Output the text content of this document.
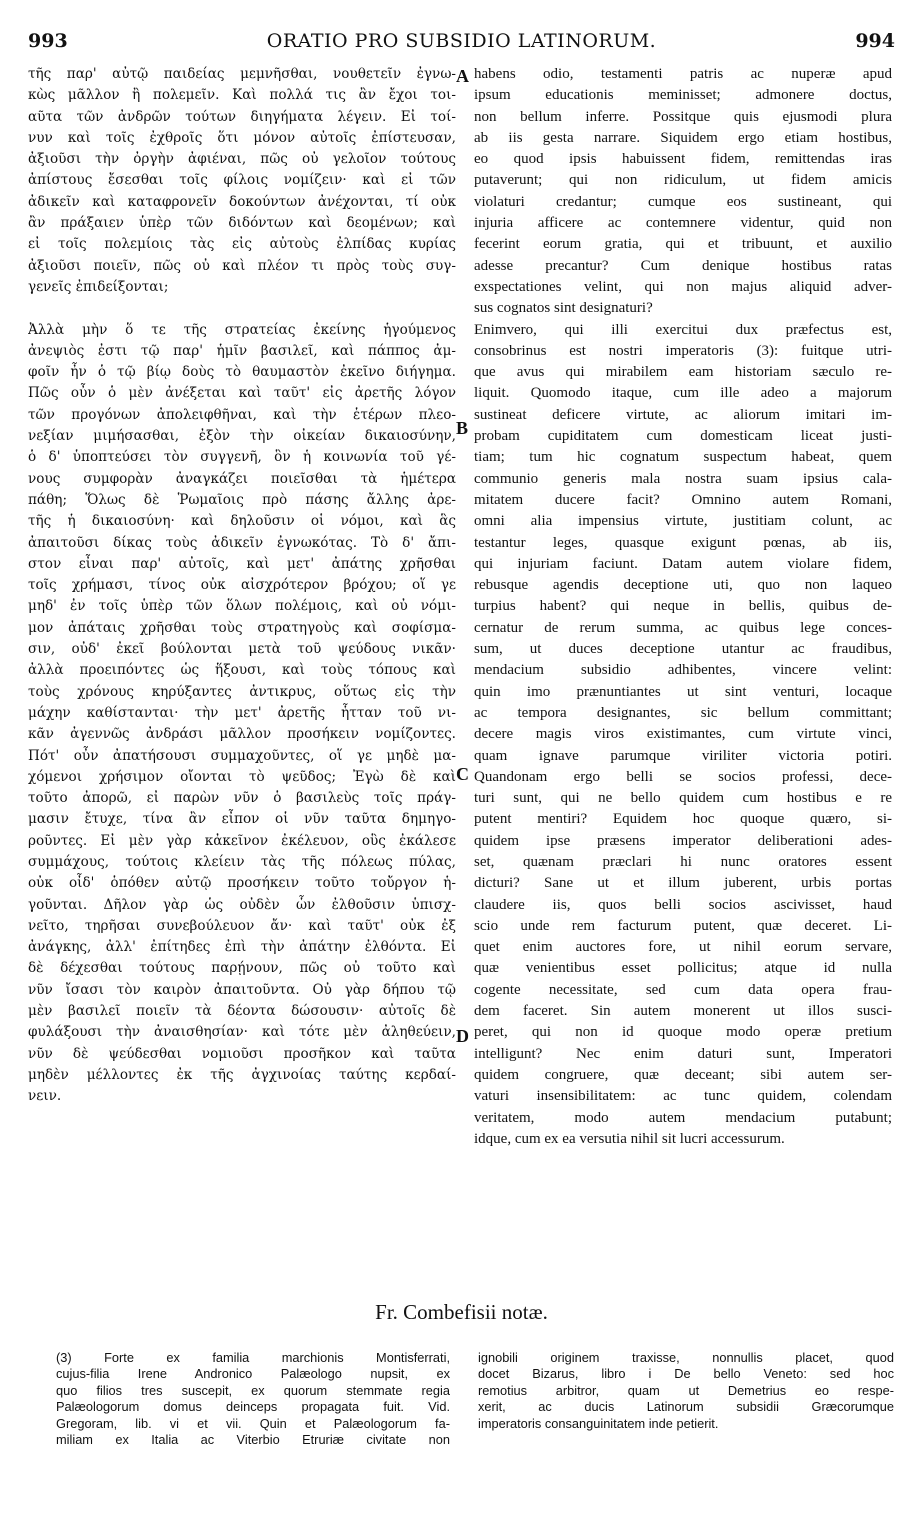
993	ORATIO PRO SUBSIDIO LATINORUM.	994
A
B
C
D
τῆς παρ' αὐτῷ παιδείας μεμνῆσθαι, νουθετεῖν ἐγνω-
κὼς μᾶλλον ἢ πολεμεῖν. Καὶ πολλά τις ἂν ἔχοι τοι-
αῦτα τῶν ἀνδρῶν τούτων διηγήματα λέγειν. Εἰ τοί-
νυν καὶ τοῖς ἐχθροῖς ὅτι μόνον αὐτοῖς ἐπίστευσαν,
ἀξιοῦσι τὴν ὀργὴν ἀφιέναι, πῶς οὐ γελοῖον τούτους
ἀπίστους ἔσεσθαι τοῖς φίλοις νομίζειν· καὶ εἰ τῶν
ἀδικεῖν καὶ καταφρονεῖν δοκούντων ἀνέχονται, τί οὐκ
ἂν πράξαιεν ὑπὲρ τῶν διδόντων καὶ δεομένων; καὶ
εἰ τοῖς πολεμίοις τὰς εἰς αὐτοὺς ἐλπίδας κυρίας
ἀξιοῦσι ποιεῖν, πῶς οὐ καὶ πλέον τι πρὸς τοὺς συγ-
γενεῖς ἐπιδείξονται;
Ἀλλὰ μὴν ὅ τε τῆς στρατείας ἐκείνης ἡγούμενος
ἀνεψιὸς ἐστι τῷ παρ' ἡμῖν βασιλεῖ, καὶ πάππος ἀμ-
φοῖν ἦν ὁ τῷ βίῳ δοὺς τὸ θαυμαστὸν ἐκεῖνο διήγημα.
Πῶς οὖν ὁ μὲν ἀνέξεται καὶ ταῦτ' εἰς ἀρετῆς λόγον
τῶν προγόνων ἀπολειφθῆναι, καὶ τὴν ἑτέρων πλεο-
νεξίαν μιμήσασθαι, ἐξὸν τὴν οἰκείαν δικαιοσύνην,
ὁ δ' ὑποπτεύσει τὸν συγγενῆ, ὃν ἡ κοινωνία τοῦ γέ-
νους συμφορὰν ἀναγκάζει ποιεῖσθαι τὰ ἡμέτερα
πάθη; Ὅλως δὲ Ῥωμαῖοις πρὸ πάσης ἄλλης ἀρε-
τῆς ἡ δικαιοσύνη· καὶ δηλοῦσιν οἱ νόμοι, καὶ ἃς
ἀπαιτοῦσι δίκας τοὺς ἀδικεῖν ἐγνωκότας. Τὸ δ' ἄπι-
στον εἶναι παρ' αὐτοῖς, καὶ μετ' ἀπάτης χρῆσθαι
τοῖς χρήμασι, τίνος οὐκ αἰσχρότερον βρόχου; οἵ γε
μηδ' ἐν τοῖς ὑπὲρ τῶν ὅλων πολέμοις, καὶ οὐ νόμι-
μον ἀπάταις χρῆσθαι τοὺς στρατηγοὺς καὶ σοφίσμα-
σιν, οὐδ' ἐκεῖ βούλονται μετὰ τοῦ ψεύδους νικᾶν·
ἀλλὰ προειπόντες ὡς ἥξουσι, καὶ τοὺς τόπους καὶ
τοὺς χρόνους κηρύξαντες ἀντικρυς, οὕτως εἰς τὴν
μάχην καθίστανται· τὴν μετ' ἀρετῆς ἧτταν τοῦ νι-
κᾶν ἀγεννῶς ἀνδράσι μᾶλλον προσήκειν νομίζοντες.
Πότ' οὖν ἀπατήσουσι συμμαχοῦντες, οἵ γε μηδὲ μα-
χόμενοι χρήσιμον οἴονται τὸ ψεῦδος; Ἐγὼ δὲ καὶ
τοῦτο ἀπορῶ, εἰ παρὼν νῦν ὁ βασιλεὺς τοῖς πράγ-
μασιν ἔτυχε, τίνα ἂν εἶπον οἱ νῦν ταῦτα δημηγο-
ροῦντες. Εἰ μὲν γὰρ κἀκεῖνον ἐκέλευον, οὓς ἐκάλεσε
συμμάχους, τούτοις κλείειν τὰς τῆς πόλεως πύλας,
οὐκ οἶδ' ὁπόθεν αὐτῷ προσήκειν τοῦτο τοὔργον ἡ-
γοῦνται. Δῆλον γὰρ ὡς οὐδὲν ὧν ἐλθοῦσιν ὑπισχ-
νεῖτο, τηρῆσαι συνεβούλευον ἄν· καὶ ταῦτ' οὐκ ἐξ
ἀνάγκης, ἀλλ' ἐπίτηδες ἐπὶ τὴν ἀπάτην ἐλθόντα. Εἰ
δὲ δέχεσθαι τούτους παρῄνουν, πῶς οὐ τοῦτο καὶ
νῦν ἴσασι τὸν καιρὸν ἀπαιτοῦντα. Οὐ γὰρ δήπου τῷ
μὲν βασιλεῖ ποιεῖν τὰ δέοντα δώσουσιν· αὐτοῖς δὲ
φυλάξουσι τὴν ἀναισθησίαν· καὶ τότε μὲν ἀληθεύειν,
νῦν δὲ ψεύδεσθαι νομιοῦσι προσῆκον καὶ ταῦτα
μηδὲν μέλλοντες ἐκ τῆς ἀγχινοίας ταύτης κερδαί-
νειν.
habens odio, testamenti patris ac nuperæ apud
ipsum educationis meminisset; admonere doctus,
non bellum inferre. Possitque quis ejusmodi plura
ab iis gesta narrare. Siquidem ergo etiam hostibus,
eo quod ipsis habuissent fidem, remittendas iras
putaverunt; qui non ridiculum, ut fidem amicis
violaturi credantur; cumque eos sustineant, qui
injuria afficere ac contemnere videntur, quid non
fecerint eorum gratia, qui et tribuunt, et auxilio
adesse precantur? Cum denique hostibus ratas
exspectationes velint, qui non majus aliquid adver-
sus cognatos sint designaturi?
Enimvero, qui illi exercitui dux præfectus est,
consobrinus est nostri imperatoris (3): fuitque utri-
que avus qui mirabilem eam historiam sæculo re-
liquit. Quomodo itaque, cum ille adeo a majorum
sustineat deficere virtute, ac aliorum imitari im-
probam cupiditatem cum domesticam liceat justi-
tiam; tum hic cognatum suspectum habeat, quem
communio generis mala nostra suam ipsius cala-
mitatem ducere facit? Omnino autem Romani,
omni alia impensius virtute, justitiam colunt, ac
testantur leges, quasque exigunt pœnas, ab iis,
qui injuriam faciunt. Datam autem violare fidem,
rebusque agendis deceptione uti, quo non laqueo
turpius habent? qui neque in bellis, quibus de-
cernatur de rerum summa, ac quibus lege conces-
sum, ut duces deceptione utantur ac fraudibus,
mendacium subsidio adhibentes, vincere velint:
quin imo prænuntiantes ut sint venturi, locaque
ac tempora designantes, sic bellum committant;
decere magis viros existimantes, cum virtute vinci,
quam ignave parumque viriliter victoria potiri.
Quandonam ergo belli se socios professi, dece-
turi sunt, qui ne bello quidem cum hostibus e re
putent mentiri? Equidem hoc quoque quæro, si-
quidem ipse præsens imperator deliberationi ades-
set, quænam præclari hi nunc oratores essent
dicturi? Sane ut et illum juberent, urbis portas
claudere iis, quos belli socios ascivisset, haud
scio unde rem facturum putent, quæ deceret. Li-
quet enim auctores fore, ut nihil eorum servare,
quæ venientibus esset pollicitus; atque id nulla
cogente necessitate, sed cum data opera frau-
dem faceret. Sin autem monerent ut illos susci-
peret, qui non id quoque modo operæ pretium
intelligunt? Nec enim daturi sunt, Imperatori
quidem congruere, quæ deceant; sibi autem ser-
vaturi insensibilitatem: ac tunc quidem, colendam
veritatem, modo autem mendacium putabunt;
idque, cum ex ea versutia nihil sit lucri accessurum.
Fr. Combefisii notæ.
(3) Forte ex familia marchionis Montisferrati,
cujus-filia Irene Andronico Palæologo nupsit, ex
quo filios tres suscepit, ex quorum stemmate regia
Palæologorum domus deinceps propagata fuit. Vid.
Gregoram, lib. vi et vii. Quin et Palæologorum fa-
miliam ex Italia ac Viterbio Etruriæ civitate non
ignobili originem traxisse, nonnullis placet, quod
docet Bizarus, libro i De bello Veneto: sed hoc
remotius arbitror, quam ut Demetrius eo respe-
xerit, ac ducis Latinorum subsidii Græcorumque
imperatoris consanguinitatem inde petierit.
